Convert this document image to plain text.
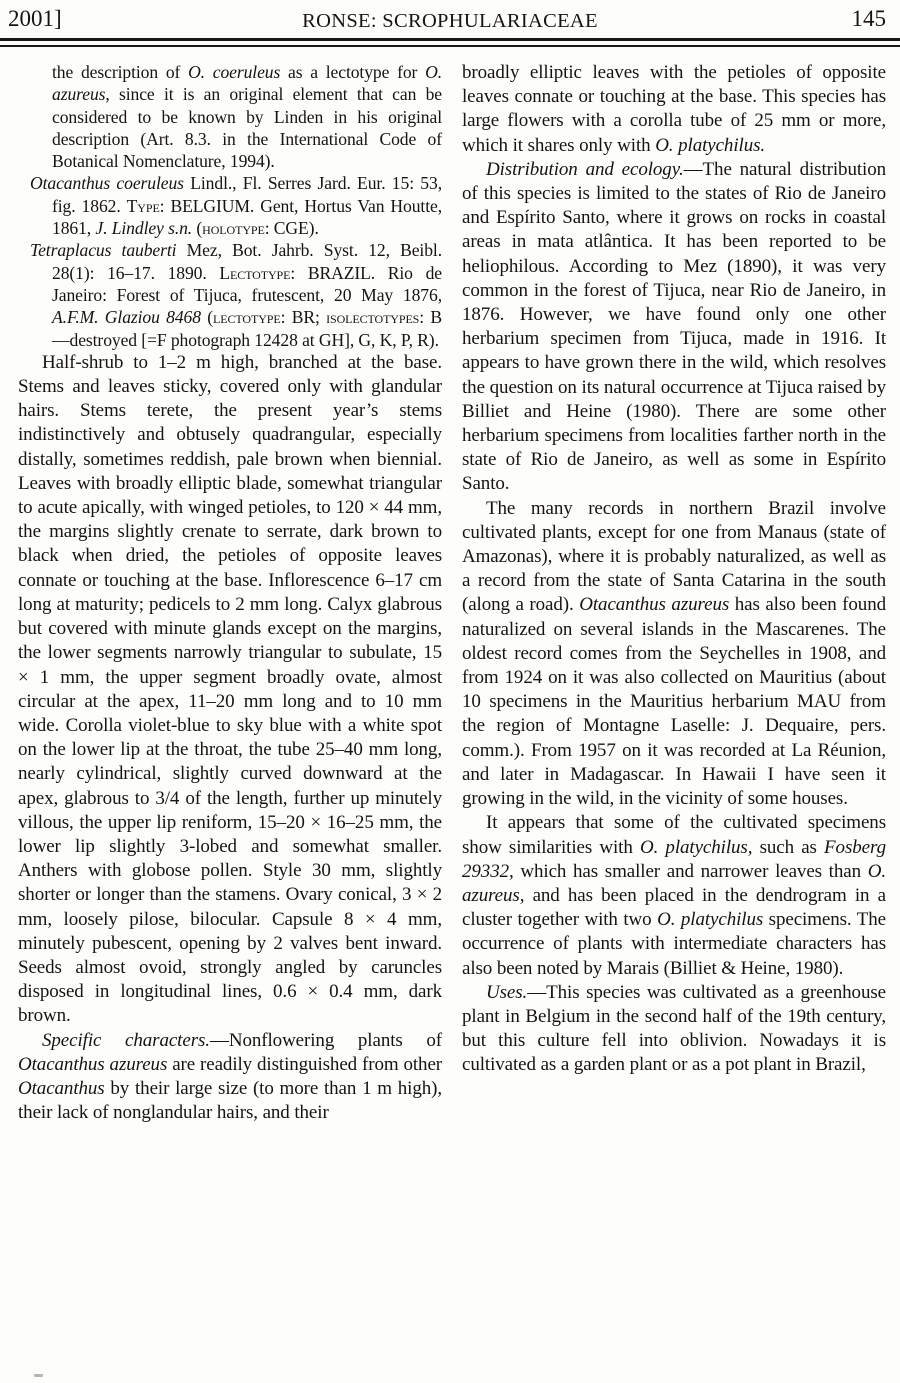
2001]	RONSE: SCROPHULARIACEAE	145

the description of O. coeruleus as a lectotype for O. azureus, since it is an original element that can be considered to be known by Linden in his original description (Art. 8.3. in the International Code of Botanical Nomenclature, 1994).

Otacanthus coeruleus Lindl., Fl. Serres Jard. Eur. 15: 53, fig. 1862. Type: BELGIUM. Gent, Hortus Van Houtte, 1861, J. Lindley s.n. (holotype: CGE).

Tetraplacus tauberti Mez, Bot. Jahrb. Syst. 12, Beibl. 28(1): 16–17. 1890. Lectotype: BRAZIL. Rio de Janeiro: Forest of Tijuca, frutescent, 20 May 1876, A.F.M. Glaziou 8468 (lectotype: BR; isolectotypes: B—destroyed [=F photograph 12428 at GH], G, K, P, R).

Half-shrub to 1–2 m high, branched at the base. Stems and leaves sticky, covered only with glandular hairs. Stems terete, the present year’s stems indistinctively and obtusely quadrangular, especially distally, sometimes reddish, pale brown when biennial. Leaves with broadly elliptic blade, somewhat triangular to acute apically, with winged petioles, to 120 × 44 mm, the margins slightly crenate to serrate, dark brown to black when dried, the petioles of opposite leaves connate or touching at the base. Inflorescence 6–17 cm long at maturity; pedicels to 2 mm long. Calyx glabrous but covered with minute glands except on the margins, the lower segments narrowly triangular to subulate, 15 × 1 mm, the upper segment broadly ovate, almost circular at the apex, 11–20 mm long and to 10 mm wide. Corolla violet-blue to sky blue with a white spot on the lower lip at the throat, the tube 25–40 mm long, nearly cylindrical, slightly curved downward at the apex, glabrous to 3/4 of the length, further up minutely villous, the upper lip reniform, 15–20 × 16–25 mm, the lower lip slightly 3-lobed and somewhat smaller. Anthers with globose pollen. Style 30 mm, slightly shorter or longer than the stamens. Ovary conical, 3 × 2 mm, loosely pilose, bilocular. Capsule 8 × 4 mm, minutely pubescent, opening by 2 valves bent inward. Seeds almost ovoid, strongly angled by caruncles disposed in longitudinal lines, 0.6 × 0.4 mm, dark brown.

Specific characters.—Nonflowering plants of Otacanthus azureus are readily distinguished from other Otacanthus by their large size (to more than 1 m high), their lack of nonglandular hairs, and their

broadly elliptic leaves with the petioles of opposite leaves connate or touching at the base. This species has large flowers with a corolla tube of 25 mm or more, which it shares only with O. platychilus.

Distribution and ecology.—The natural distribution of this species is limited to the states of Rio de Janeiro and Espírito Santo, where it grows on rocks in coastal areas in mata atlântica. It has been reported to be heliophilous. According to Mez (1890), it was very common in the forest of Tijuca, near Rio de Janeiro, in 1876. However, we have found only one other herbarium specimen from Tijuca, made in 1916. It appears to have grown there in the wild, which resolves the question on its natural occurrence at Tijuca raised by Billiet and Heine (1980). There are some other herbarium specimens from localities farther north in the state of Rio de Janeiro, as well as some in Espírito Santo.

The many records in northern Brazil involve cultivated plants, except for one from Manaus (state of Amazonas), where it is probably naturalized, as well as a record from the state of Santa Catarina in the south (along a road). Otacanthus azureus has also been found naturalized on several islands in the Mascarenes. The oldest record comes from the Seychelles in 1908, and from 1924 on it was also collected on Mauritius (about 10 specimens in the Mauritius herbarium MAU from the region of Montagne Laselle: J. Dequaire, pers. comm.). From 1957 on it was recorded at La Réunion, and later in Madagascar. In Hawaii I have seen it growing in the wild, in the vicinity of some houses.

It appears that some of the cultivated specimens show similarities with O. platychilus, such as Fosberg 29332, which has smaller and narrower leaves than O. azureus, and has been placed in the dendrogram in a cluster together with two O. platychilus specimens. The occurrence of plants with intermediate characters has also been noted by Marais (Billiet & Heine, 1980).

Uses.—This species was cultivated as a greenhouse plant in Belgium in the second half of the 19th century, but this culture fell into oblivion. Nowadays it is cultivated as a garden plant or as a pot plant in Brazil,
